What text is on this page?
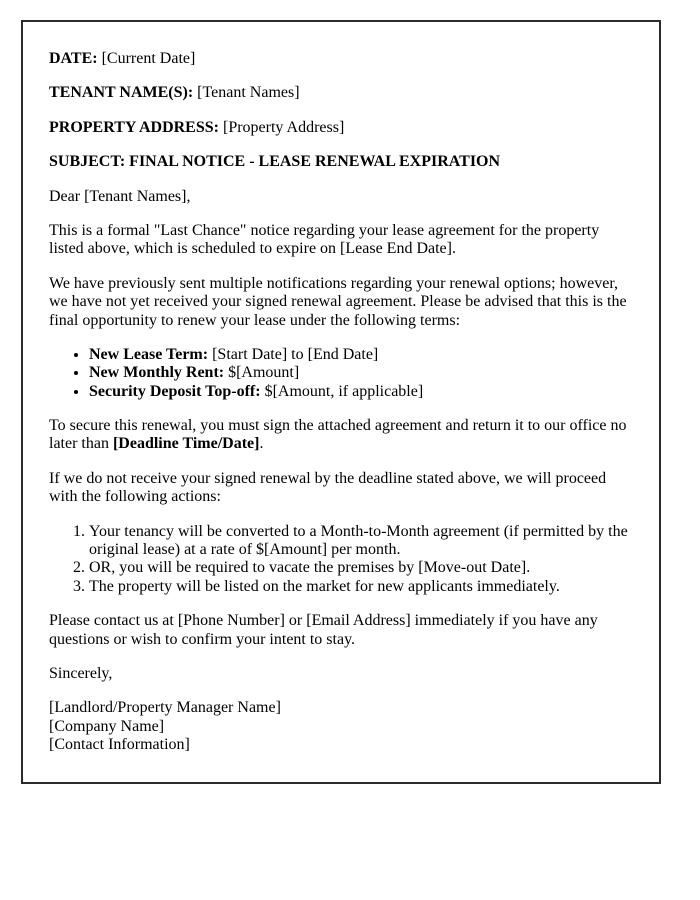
DATE: [Current Date]

TENANT NAME(S): [Tenant Names]

PROPERTY ADDRESS: [Property Address]

SUBJECT: FINAL NOTICE - LEASE RENEWAL EXPIRATION

Dear [Tenant Names],

This is a formal "Last Chance" notice regarding your lease agreement for the property listed above, which is scheduled to expire on [Lease End Date].

We have previously sent multiple notifications regarding your renewal options; however, we have not yet received your signed renewal agreement. Please be advised that this is the final opportunity to renew your lease under the following terms:

• New Lease Term: [Start Date] to [End Date]
• New Monthly Rent: $[Amount]
• Security Deposit Top-off: $[Amount, if applicable]

To secure this renewal, you must sign the attached agreement and return it to our office no later than [Deadline Time/Date].

If we do not receive your signed renewal by the deadline stated above, we will proceed with the following actions:

1. Your tenancy will be converted to a Month-to-Month agreement (if permitted by the original lease) at a rate of $[Amount] per month.
2. OR, you will be required to vacate the premises by [Move-out Date].
3. The property will be listed on the market for new applicants immediately.

Please contact us at [Phone Number] or [Email Address] immediately if you have any questions or wish to confirm your intent to stay.

Sincerely,

[Landlord/Property Manager Name]
[Company Name]
[Contact Information]
